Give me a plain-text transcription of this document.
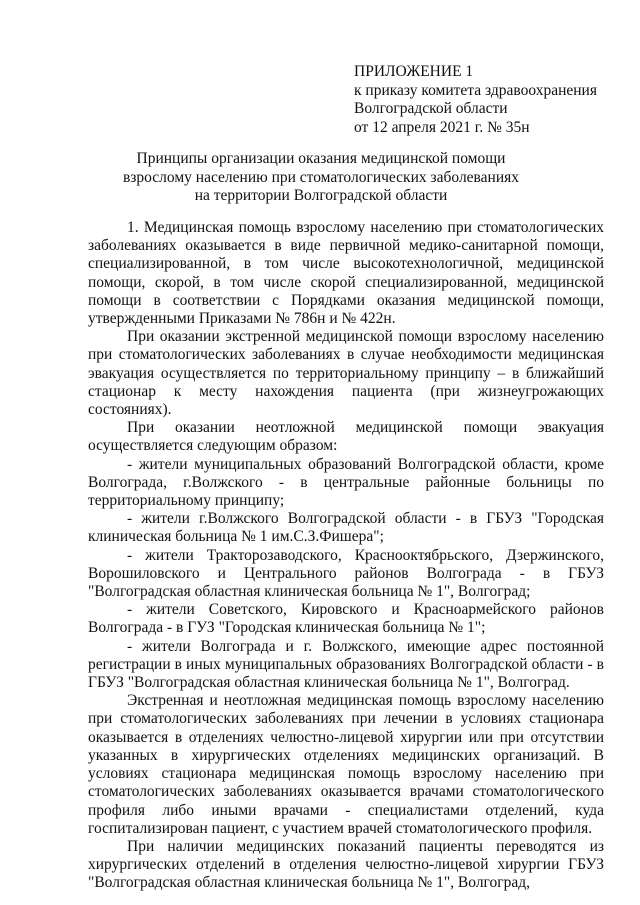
ПРИЛОЖЕНИЕ 1
к приказу комитета здравоохранения
Волгоградской области
от 12 апреля 2021 г. № 35н
Принципы организации оказания медицинской помощи
взрослому населению при стоматологических заболеваниях
на территории Волгоградской области

1. Медицинская помощь взрослому населению при стоматологических заболеваниях оказывается в виде первичной медико-санитарной помощи, специализированной, в том числе высокотехнологичной, медицинской помощи, скорой, в том числе скорой специализированной, медицинской помощи в соответствии с Порядками оказания медицинской помощи, утвержденными Приказами № 786н и № 422н.

При оказании экстренной медицинской помощи взрослому населению при стоматологических заболеваниях в случае необходимости медицинская эвакуация осуществляется по территориальному принципу – в ближайший стационар к месту нахождения пациента (при жизнеугрожающих состояниях).

При оказании неотложной медицинской помощи эвакуация осуществляется следующим образом:

- жители муниципальных образований Волгоградской области, кроме Волгограда, г.Волжского - в центральные районные больницы по территориальному принципу;

- жители г.Волжского Волгоградской области - в ГБУЗ "Городская клиническая больница № 1 им.С.З.Фишера";

- жители Тракторозаводского, Краснооктябрьского, Дзержинского, Ворошиловского и Центрального районов Волгограда - в ГБУЗ "Волгоградская областная клиническая больница № 1", Волгоград;

- жители Советского, Кировского и Красноармейского районов Волгограда - в ГУЗ "Городская клиническая больница № 1";

- жители Волгограда и г. Волжского, имеющие адрес постоянной регистрации в иных муниципальных образованиях Волгоградской области - в ГБУЗ "Волгоградская областная клиническая больница № 1", Волгоград.

Экстренная и неотложная медицинская помощь взрослому населению при стоматологических заболеваниях при лечении в условиях стационара оказывается в отделениях челюстно-лицевой хирургии или при отсутствии указанных в хирургических отделениях медицинских организаций. В условиях стационара медицинская помощь взрослому населению при стоматологических заболеваниях оказывается врачами стоматологического профиля либо иными врачами - специалистами отделений, куда госпитализирован пациент, с участием врачей стоматологического профиля.

При наличии медицинских показаний пациенты переводятся из хирургических отделений в отделения челюстно-лицевой хирургии ГБУЗ "Волгоградская областная клиническая больница № 1", Волгоград,
